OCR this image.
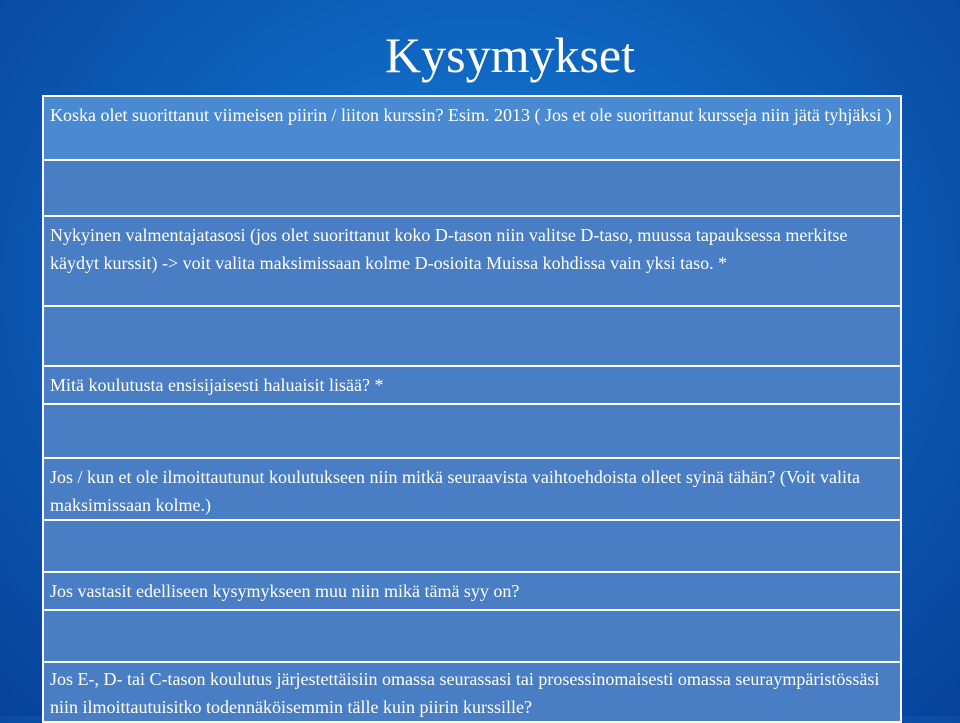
Kysymykset
Koska olet suorittanut viimeisen piirin / liiton kurssin? Esim. 2013 ( Jos et ole suorittanut kursseja niin jätä tyhjäksi )
Nykyinen valmentajatasosi (jos olet suorittanut koko D-tason niin valitse D-taso, muussa tapauksessa merkitse käydyt kurssit) -> voit valita maksimissaan kolme D-osioita Muissa kohdissa vain yksi taso. *
Mitä koulutusta ensisijaisesti haluaisit lisää? *
Jos / kun et ole ilmoittautunut koulutukseen niin mitkä seuraavista vaihtoehdoista olleet syinä tähän? (Voit valita maksimissaan kolme.)
Jos vastasit edelliseen kysymykseen muu niin mikä tämä syy on?
Jos E-, D- tai C-tason koulutus järjestettäisiin omassa seurassasi tai prosessinomaisesti omassa seuraympäristössäsi niin ilmoittautuisitko todennäköisemmin tälle kuin piirin kurssille?
